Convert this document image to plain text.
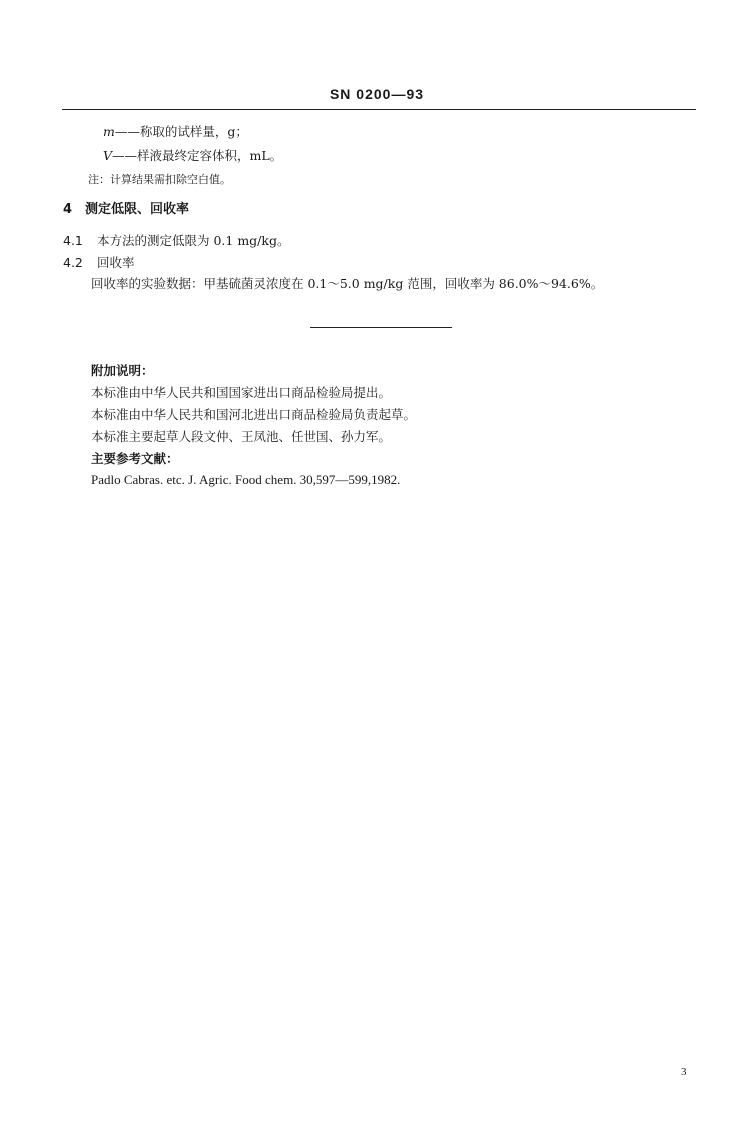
SN 0200—93
m——称取的试样量，g；
V——样液最终定容体积，mL。
注：计算结果需扣除空白值。
4 测定低限、回收率
4.1 本方法的测定低限为 0.1 mg/kg。
4.2 回收率
回收率的实验数据：甲基硫菌灵浓度在 0.1～5.0 mg/kg 范围，回收率为 86.0%～94.6%。
附加说明：
本标准由中华人民共和国国家进出口商品检验局提出。
本标准由中华人民共和国河北进出口商品检验局负责起草。
本标准主要起草人段文仲、王凤池、任世国、孙力军。
主要参考文献：
Padlo Cabras. etc. J. Agric. Food chem. 30,597—599,1982.
3
